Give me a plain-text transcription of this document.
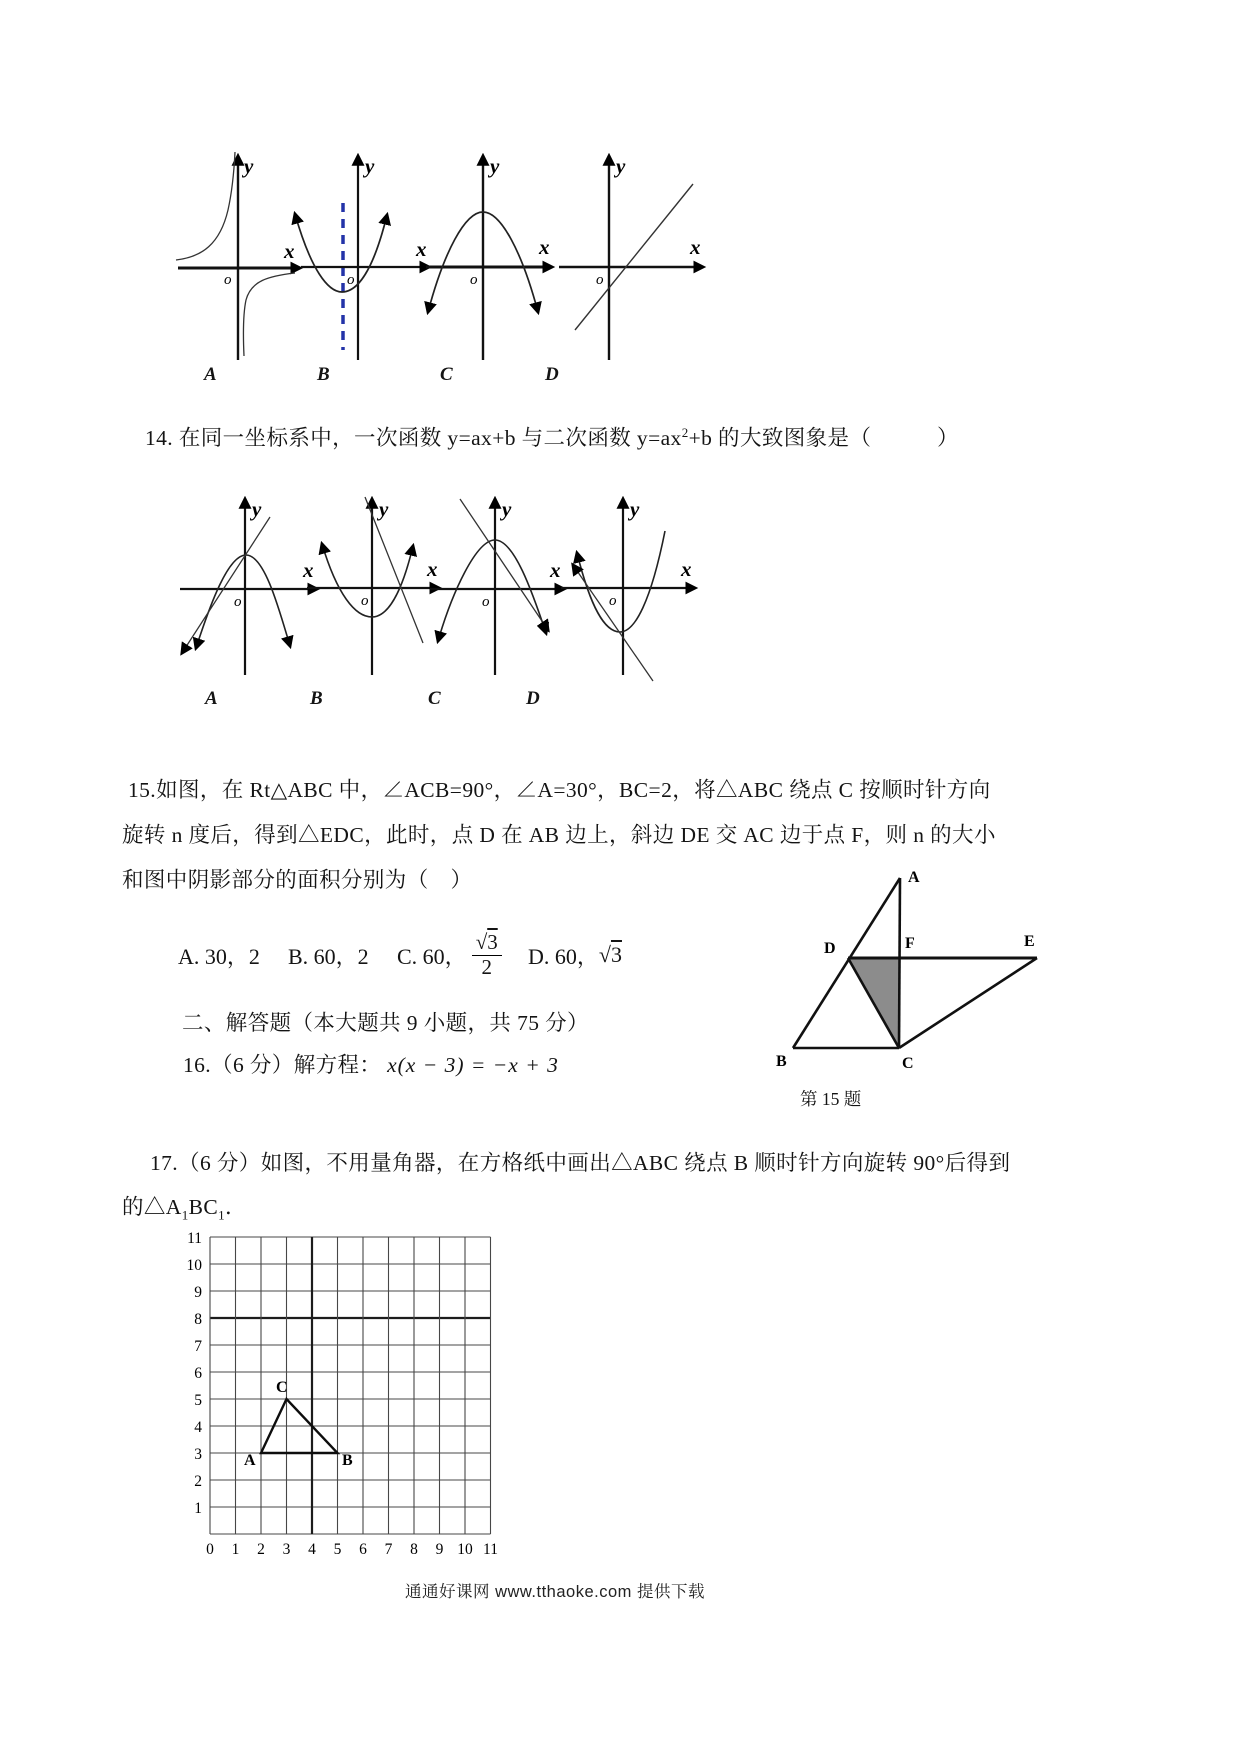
y
x
o
y
x
o
y
x
o
y
x
o
A	B	C	D
14. 在同一坐标系中，一次函数 y=ax+b 与二次函数 $y=ax^2+b$ 的大致图象是（　　　）
y
x
o
y
x
o
y
x
o
y
x
o
A	B	C	D
15.如图，在 Rt△ABC 中，∠ACB=90°，∠A=30°，BC=2，将△ABC 绕点 C 按顺时针方向
旋转 n 度后，得到△EDC，此时，点 D 在 AB 边上，斜边 DE 交 AC 边于点 F，则 n 的大小
和图中阴影部分的面积分别为（　）
A. 30，2 B. 60，2 C. 60， $\frac{√3}{2} D$. 60， √ 3
A
D	F	E
B	C
第 15 题
二、解答题（本大题共 9 小题，共 75 分）
16.（6 分）解方程： x(x − 3) = −x + 3
17.（6 分）如图，不用量角器，在方格纸中画出△ABC 绕点 B 顺时针方向旋转 90°后得到
的$\triangle A_1BC_1$．
11
10
9
8
7
6
5
4
3
2
1
0 1 2 3 4 5 6 7 8 9 10 11
A	B
C
通通好课网 www.tthaoke.com 提供下载
